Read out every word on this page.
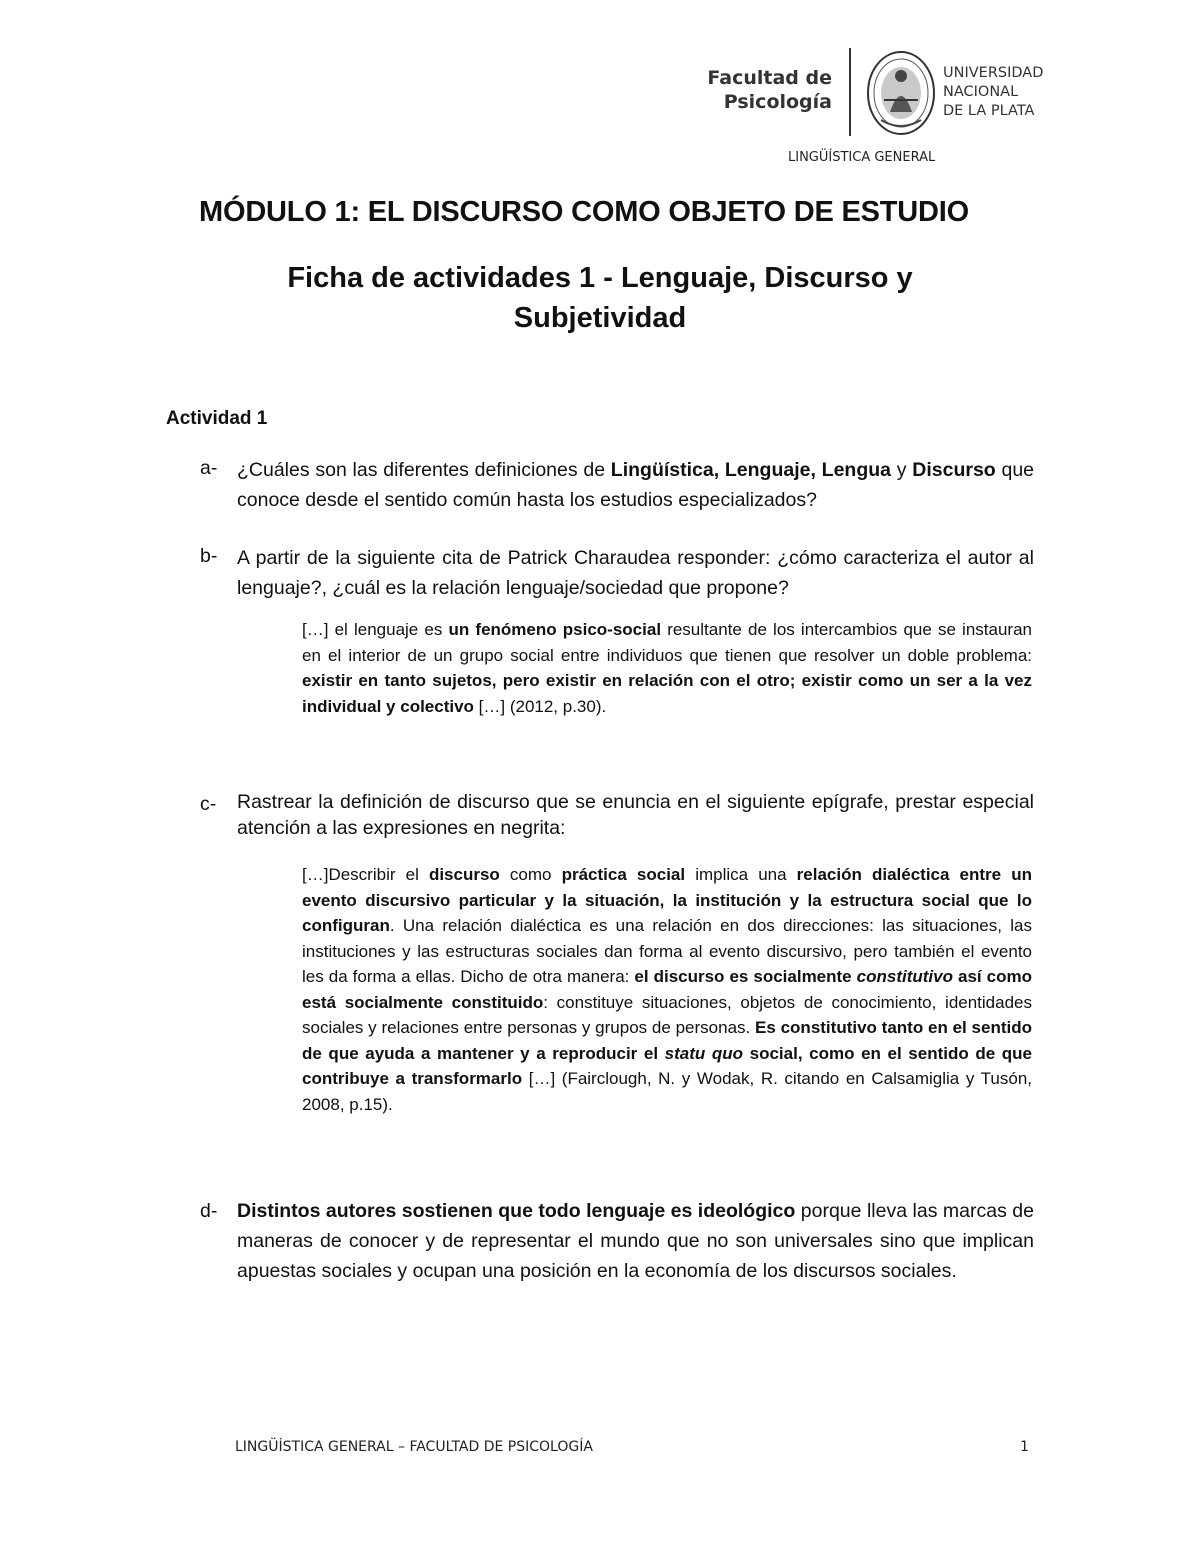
Facultad de
Psicología
UNIVERSIDAD
NACIONAL
DE LA PLATA
LINGÜÍSTICA GENERAL
MÓDULO 1: EL DISCURSO COMO OBJETO DE ESTUDIO
Ficha de actividades 1 - Lenguaje, Discurso y
Subjetividad
Actividad 1
a- ¿Cuáles son las diferentes definiciones de Lingüística, Lenguaje, Lengua y Discurso que conoce desde el sentido común hasta los estudios especializados?
b- A partir de la siguiente cita de Patrick Charaudea responder: ¿cómo caracteriza el autor al lenguaje?, ¿cuál es la relación lenguaje/sociedad que propone?
[…] el lenguaje es un fenómeno psico-social resultante de los intercambios que se instauran en el interior de un grupo social entre individuos que tienen que resolver un doble problema: existir en tanto sujetos, pero existir en relación con el otro; existir como un ser a la vez individual y colectivo […] (2012, p.30).
c- Rastrear la definición de discurso que se enuncia en el siguiente epígrafe, prestar especial atención a las expresiones en negrita:
[…]Describir el discurso como práctica social implica una relación dialéctica entre un evento discursivo particular y la situación, la institución y la estructura social que lo configuran. Una relación dialéctica es una relación en dos direcciones: las situaciones, las instituciones y las estructuras sociales dan forma al evento discursivo, pero también el evento les da forma a ellas. Dicho de otra manera: el discurso es socialmente constitutivo así como está socialmente constituido: constituye situaciones, objetos de conocimiento, identidades sociales y relaciones entre personas y grupos de personas. Es constitutivo tanto en el sentido de que ayuda a mantener y a reproducir el statu quo social, como en el sentido de que contribuye a transformarlo […] (Fairclough, N. y Wodak, R. citando en Calsamiglia y Tusón, 2008, p.15).
d- Distintos autores sostienen que todo lenguaje es ideológico porque lleva las marcas de maneras de conocer y de representar el mundo que no son universales sino que implican apuestas sociales y ocupan una posición en la economía de los discursos sociales.
LINGÜÍSTICA GENERAL – FACULTAD DE PSICOLOGÍA	1
